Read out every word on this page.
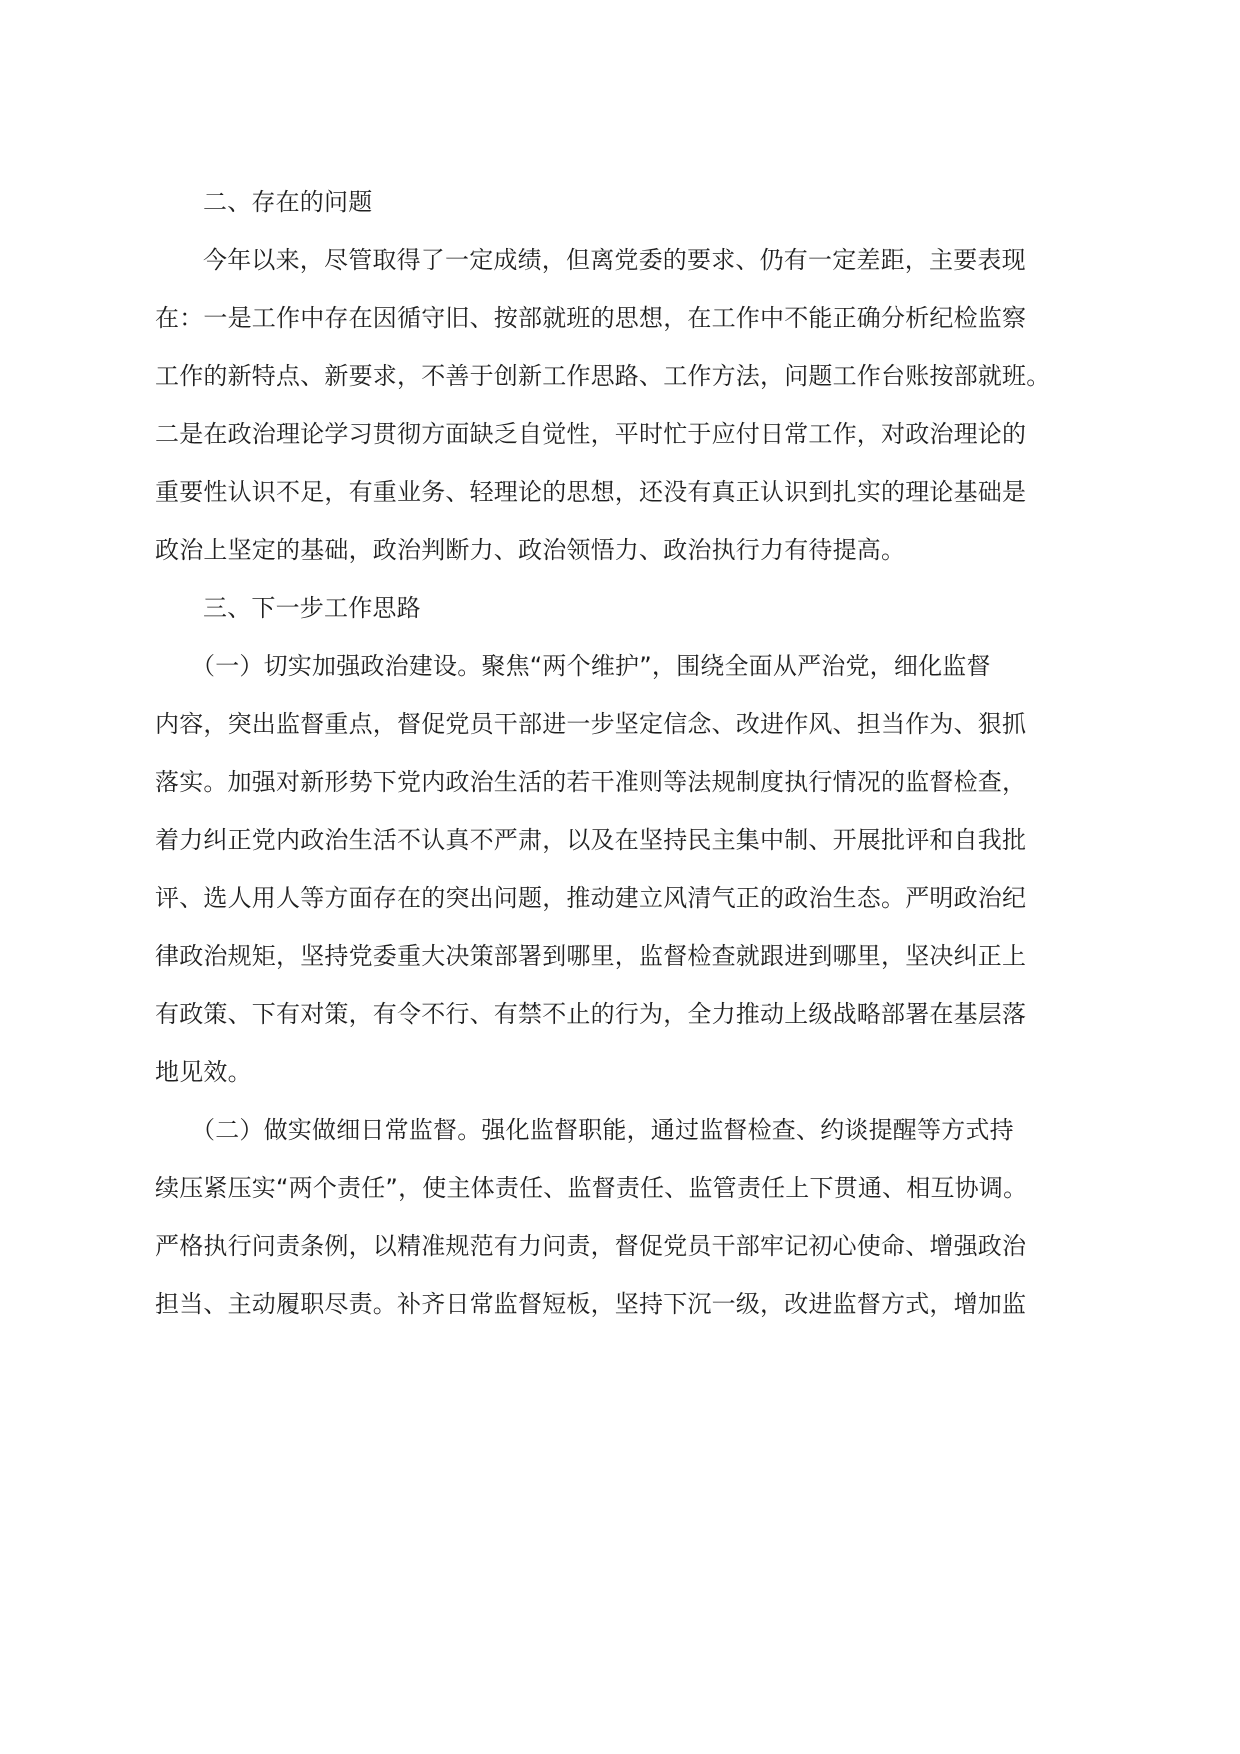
二、存在的问题
今年以来，尽管取得了一定成绩，但离党委的要求、仍有一定差距，主要表现
在：一是工作中存在因循守旧、按部就班的思想，在工作中不能正确分析纪检监察
工作的新特点、新要求，不善于创新工作思路、工作方法，问题工作台账按部就班。
二是在政治理论学习贯彻方面缺乏自觉性，平时忙于应付日常工作，对政治理论的
重要性认识不足，有重业务、轻理论的思想，还没有真正认识到扎实的理论基础是
政治上坚定的基础，政治判断力、政治领悟力、政治执行力有待提高。
三、下一步工作思路
（一）切实加强政治建设。聚焦“两个维护”，围绕全面从严治党，细化监督
内容，突出监督重点，督促党员干部进一步坚定信念、改进作风、担当作为、狠抓
落实。加强对新形势下党内政治生活的若干准则等法规制度执行情况的监督检查，
着力纠正党内政治生活不认真不严肃，以及在坚持民主集中制、开展批评和自我批
评、选人用人等方面存在的突出问题，推动建立风清气正的政治生态。严明政治纪
律政治规矩，坚持党委重大决策部署到哪里，监督检查就跟进到哪里，坚决纠正上
有政策、下有对策，有令不行、有禁不止的行为，全力推动上级战略部署在基层落
地见效。
（二）做实做细日常监督。强化监督职能，通过监督检查、约谈提醒等方式持
续压紧压实“两个责任”，使主体责任、监督责任、监管责任上下贯通、相互协调。
严格执行问责条例，以精准规范有力问责，督促党员干部牢记初心使命、增强政治
担当、主动履职尽责。补齐日常监督短板，坚持下沉一级，改进监督方式，增加监
